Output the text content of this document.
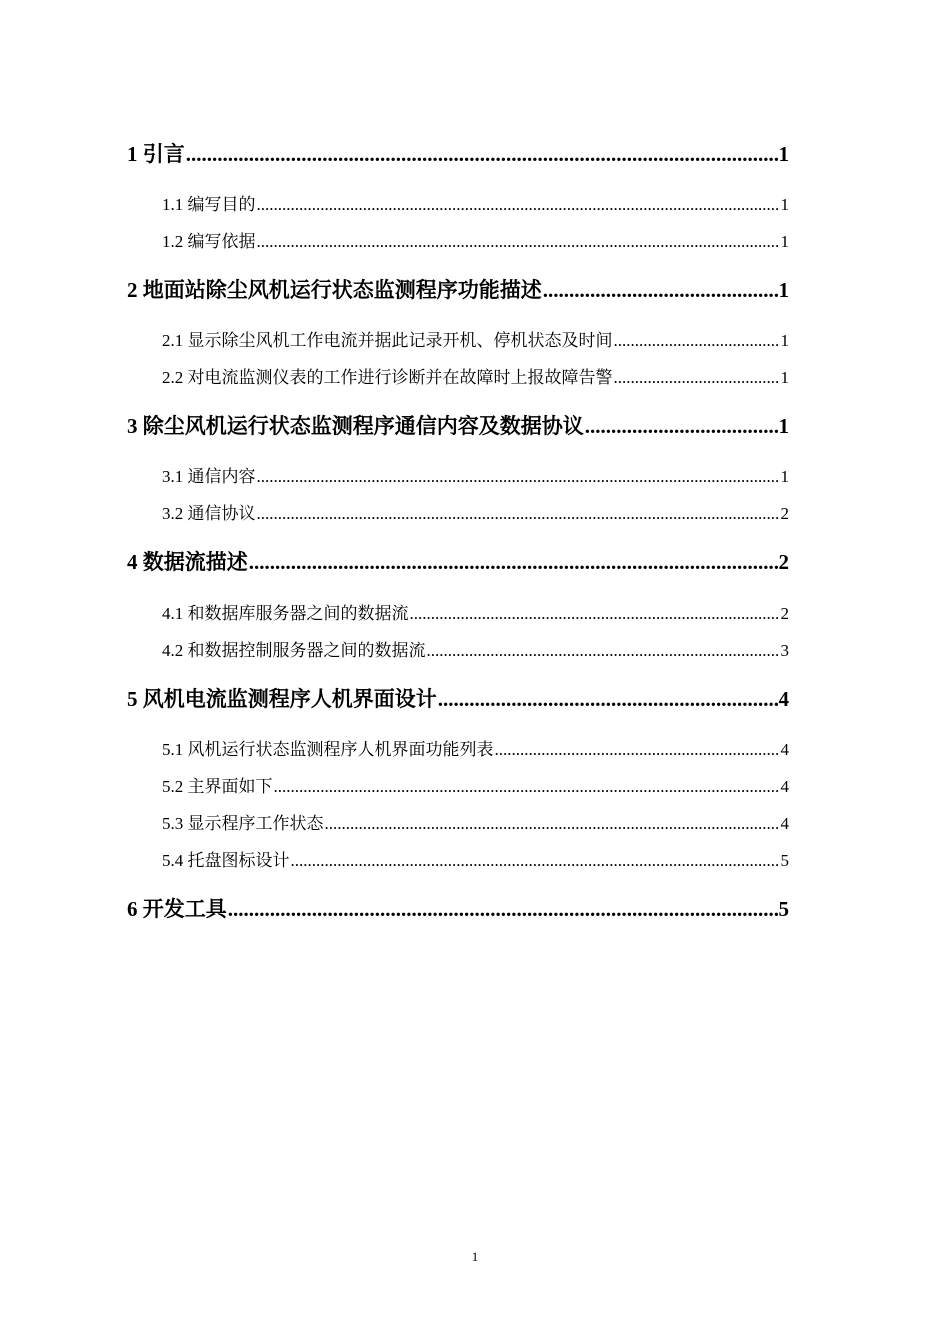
1 引言 .....	1
1.1 编写目的 .....	1
1.2 编写依据 .....	1
2 地面站除尘风机运行状态监测程序功能描述 .....	1
2.1 显示除尘风机工作电流并据此记录开机、停机状态及时间 .....	1
2.2 对电流监测仪表的工作进行诊断并在故障时上报故障告警 .....	1
3 除尘风机运行状态监测程序通信内容及数据协议 .....	1
3.1 通信内容 .....	1
3.2 通信协议 .....	2
4 数据流描述 .....	2
4.1 和数据库服务器之间的数据流 .....	2
4.2 和数据控制服务器之间的数据流 .....	3
5 风机电流监测程序人机界面设计 .....	4
5.1 风机运行状态监测程序人机界面功能列表 .....	4
5.2 主界面如下 .....	4
5.3 显示程序工作状态 .....	4
5.4 托盘图标设计 .....	5
6 开发工具 .....	5
1
